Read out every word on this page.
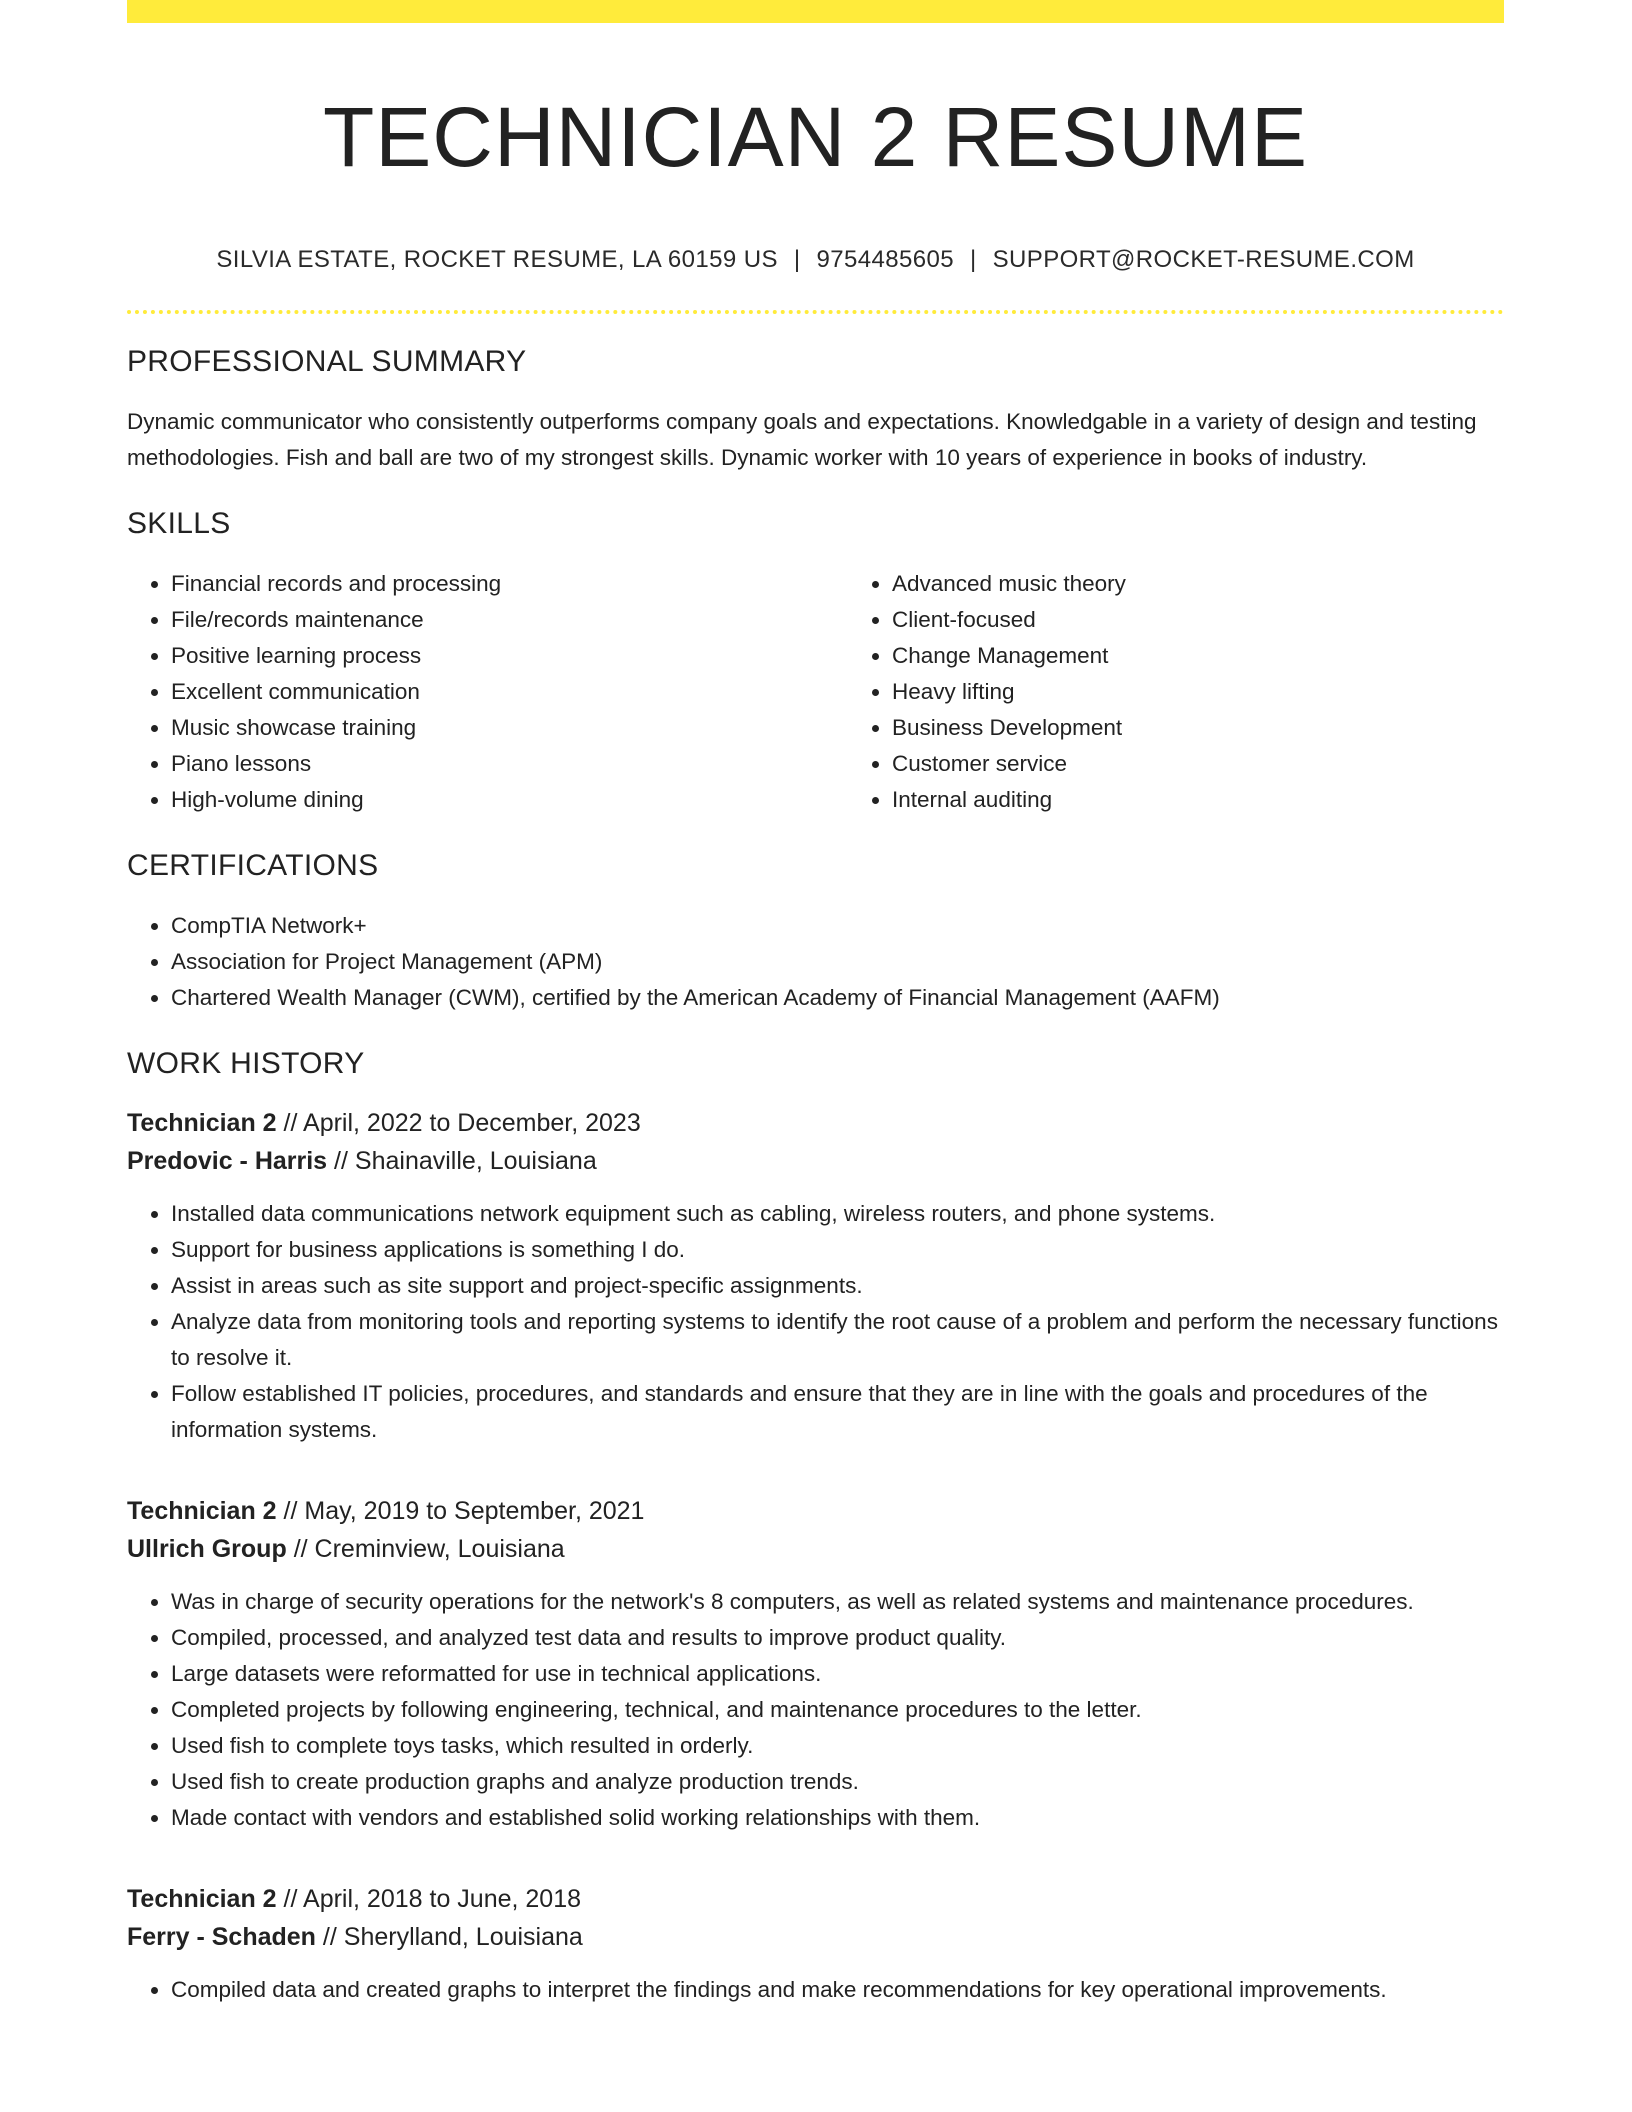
TECHNICIAN 2 RESUME
SILVIA ESTATE, ROCKET RESUME, LA 60159 US | 9754485605 | SUPPORT@ROCKET-RESUME.COM
PROFESSIONAL SUMMARY

Dynamic communicator who consistently outperforms company goals and expectations. Knowledgable in a variety of design and testing methodologies. Fish and ball are two of my strongest skills. Dynamic worker with 10 years of experience in books of industry.

SKILLS
• Financial records and processing
• File/records maintenance
• Positive learning process
• Excellent communication
• Music showcase training
• Piano lessons
• High-volume dining
• Advanced music theory
• Client-focused
• Change Management
• Heavy lifting
• Business Development
• Customer service
• Internal auditing
CERTIFICATIONS
• CompTIA Network+
• Association for Project Management (APM)
• Chartered Wealth Manager (CWM), certified by the American Academy of Financial Management (AAFM)
WORK HISTORY
Technician 2 // April, 2022 to December, 2023
Predovic - Harris // Shainaville, Louisiana
• Installed data communications network equipment such as cabling, wireless routers, and phone systems.
• Support for business applications is something I do.
• Assist in areas such as site support and project-specific assignments.
• Analyze data from monitoring tools and reporting systems to identify the root cause of a problem and perform the necessary functions to resolve it.
• Follow established IT policies, procedures, and standards and ensure that they are in line with the goals and procedures of the information systems.
Technician 2 // May, 2019 to September, 2021
Ullrich Group // Creminview, Louisiana
• Was in charge of security operations for the network's 8 computers, as well as related systems and maintenance procedures.
• Compiled, processed, and analyzed test data and results to improve product quality.
• Large datasets were reformatted for use in technical applications.
• Completed projects by following engineering, technical, and maintenance procedures to the letter.
• Used fish to complete toys tasks, which resulted in orderly.
• Used fish to create production graphs and analyze production trends.
• Made contact with vendors and established solid working relationships with them.
Technician 2 // April, 2018 to June, 2018
Ferry - Schaden // Sherylland, Louisiana
• Compiled data and created graphs to interpret the findings and make recommendations for key operational improvements.
